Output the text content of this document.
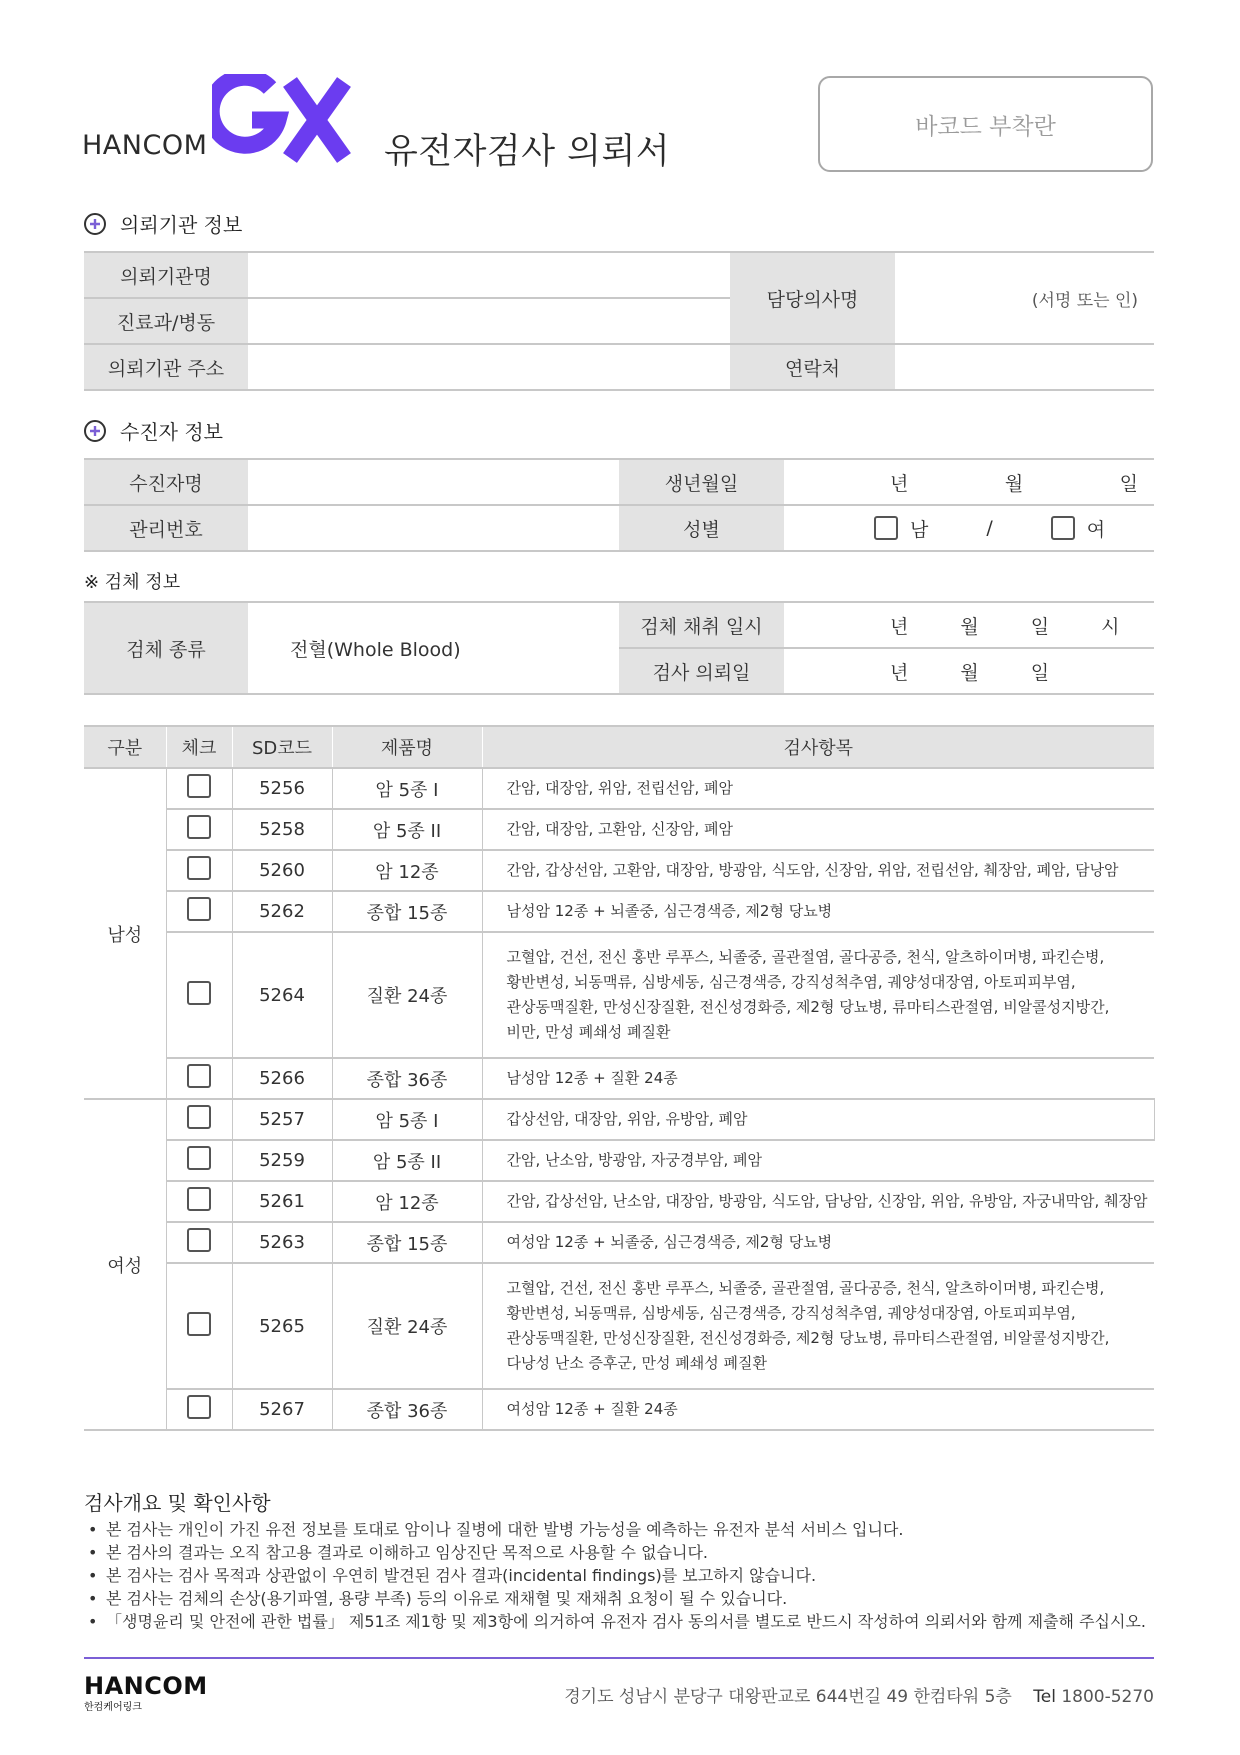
HANCOM	유전자검사 의뢰서
바코드 부착란
의뢰기관 정보
의뢰기관명		담당의사명	(서명 또는 인)
진료과/병동			
의뢰기관 주소		연락처	
수진자 정보
수진자명		생년월일	년 월 일

관리번호		성별	남 / 여
※ 검체 정보
검체 종류	전혈(Whole Blood)	검체 채취 일시	년 월 일 시

		검사 의뢰일	년 월 일
구분	체크	SD코드	제품명	검사항목
남성		5256	암 5종 I	간암, 대장암, 위암, 전립선암, 폐암

		5258	암 5종 II	간암, 대장암, 고환암, 신장암, 폐암

		5260	암 12종	간암, 갑상선암, 고환암, 대장암, 방광암, 식도암, 신장암, 위암, 전립선암, 췌장암, 폐암, 담낭암

		5262	종합 15종	남성암 12종 + 뇌졸중, 심근경색증, 제2형 당뇨병

		5264	질환 24종	고혈압, 건선, 전신 홍반 루푸스, 뇌졸중, 골관절염, 골다공증, 천식, 알츠하이머병, 파킨슨병,
황반변성, 뇌동맥류, 심방세동, 심근경색증, 강직성척추염, 궤양성대장염, 아토피피부염,
관상동맥질환, 만성신장질환, 전신성경화증, 제2형 당뇨병, 류마티스관절염, 비알콜성지방간,
비만, 만성 폐쇄성 폐질환

		5266	종합 36종	남성암 12종 + 질환 24종

여성		5257	암 5종 I	갑상선암, 대장암, 위암, 유방암, 폐암

		5259	암 5종 II	간암, 난소암, 방광암, 자궁경부암, 폐암

		5261	암 12종	간암, 갑상선암, 난소암, 대장암, 방광암, 식도암, 담낭암, 신장암, 위암, 유방암, 자궁내막암, 췌장암

		5263	종합 15종	여성암 12종 + 뇌졸중, 심근경색증, 제2형 당뇨병

		5265	질환 24종	고혈압, 건선, 전신 홍반 루푸스, 뇌졸중, 골관절염, 골다공증, 천식, 알츠하이머병, 파킨슨병,
황반변성, 뇌동맥류, 심방세동, 심근경색증, 강직성척추염, 궤양성대장염, 아토피피부염,
관상동맥질환, 만성신장질환, 전신성경화증, 제2형 당뇨병, 류마티스관절염, 비알콜성지방간,
다낭성 난소 증후군, 만성 폐쇄성 폐질환

		5267	종합 36종	여성암 12종 + 질환 24종
검사개요 및 확인사항
• 본 검사는 개인이 가진 유전 정보를 토대로 암이나 질병에 대한 발병 가능성을 예측하는 유전자 분석 서비스 입니다.
• 본 검사의 결과는 오직 참고용 결과로 이해하고 임상진단 목적으로 사용할 수 없습니다.
• 본 검사는 검사 목적과 상관없이 우연히 발견된 검사 결과(incidental findings)를 보고하지 않습니다.
• 본 검사는 검체의 손상(용기파열, 용량 부족) 등의 이유로 재채혈 및 재채취 요청이 될 수 있습니다.
• 「생명윤리 및 안전에 관한 법률」 제51조 제1항 및 제3항에 의거하여 유전자 검사 동의서를 별도로 반드시 작성하여 의뢰서와 함께 제출해 주십시오.
HANCOM
한컴케어링크
경기도 성남시 분당구 대왕판교로 644번길 49 한컴타워 5층 Tel 1800-5270
